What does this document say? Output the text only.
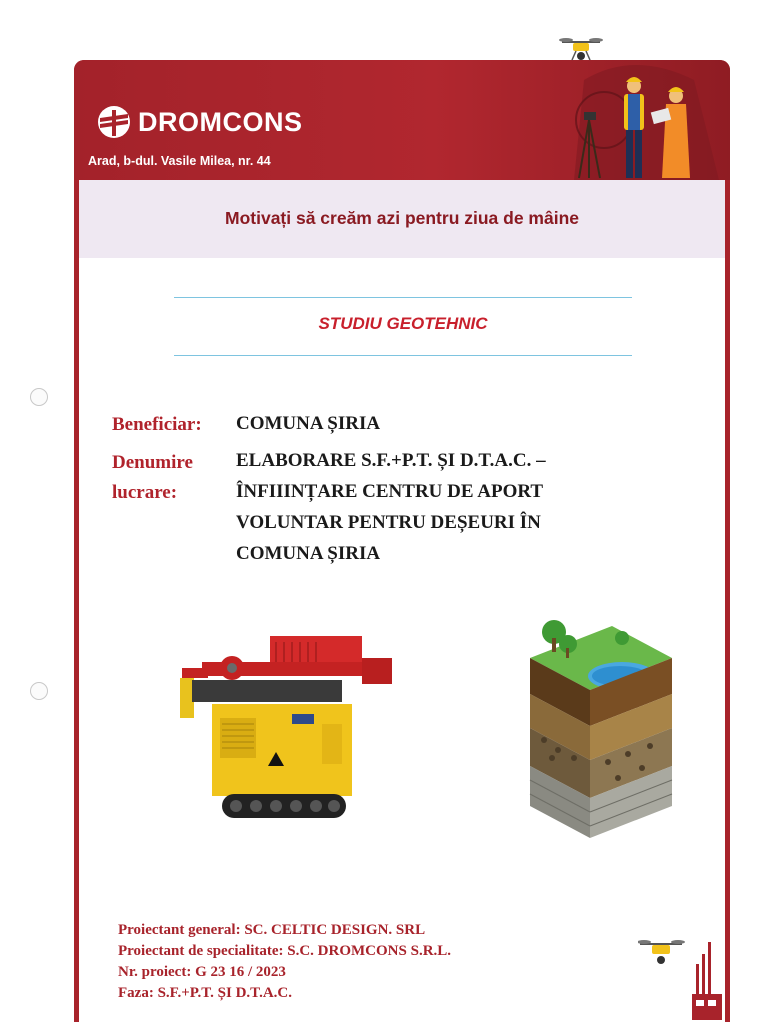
DROMCONS
Arad, b-dul. Vasile Milea, nr. 44
Motivați să creăm azi pentru ziua de mâine
STUDIU GEOTEHNIC
Beneficiar: COMUNA ȘIRIA
Denumire
lucrare:
ELABORARE S.F.+P.T. ȘI D.T.A.C. –
ÎNFIIINȚARE CENTRU DE APORT
VOLUNTAR PENTRU DEȘEURI ÎN
COMUNA ȘIRIA
Proiectant general: SC. CELTIC DESIGN. SRL
Proiectant de specialitate: S.C. DROMCONS S.R.L.
Nr. proiect: G 23 16 / 2023
Faza: S.F.+P.T. ȘI D.T.A.C.
